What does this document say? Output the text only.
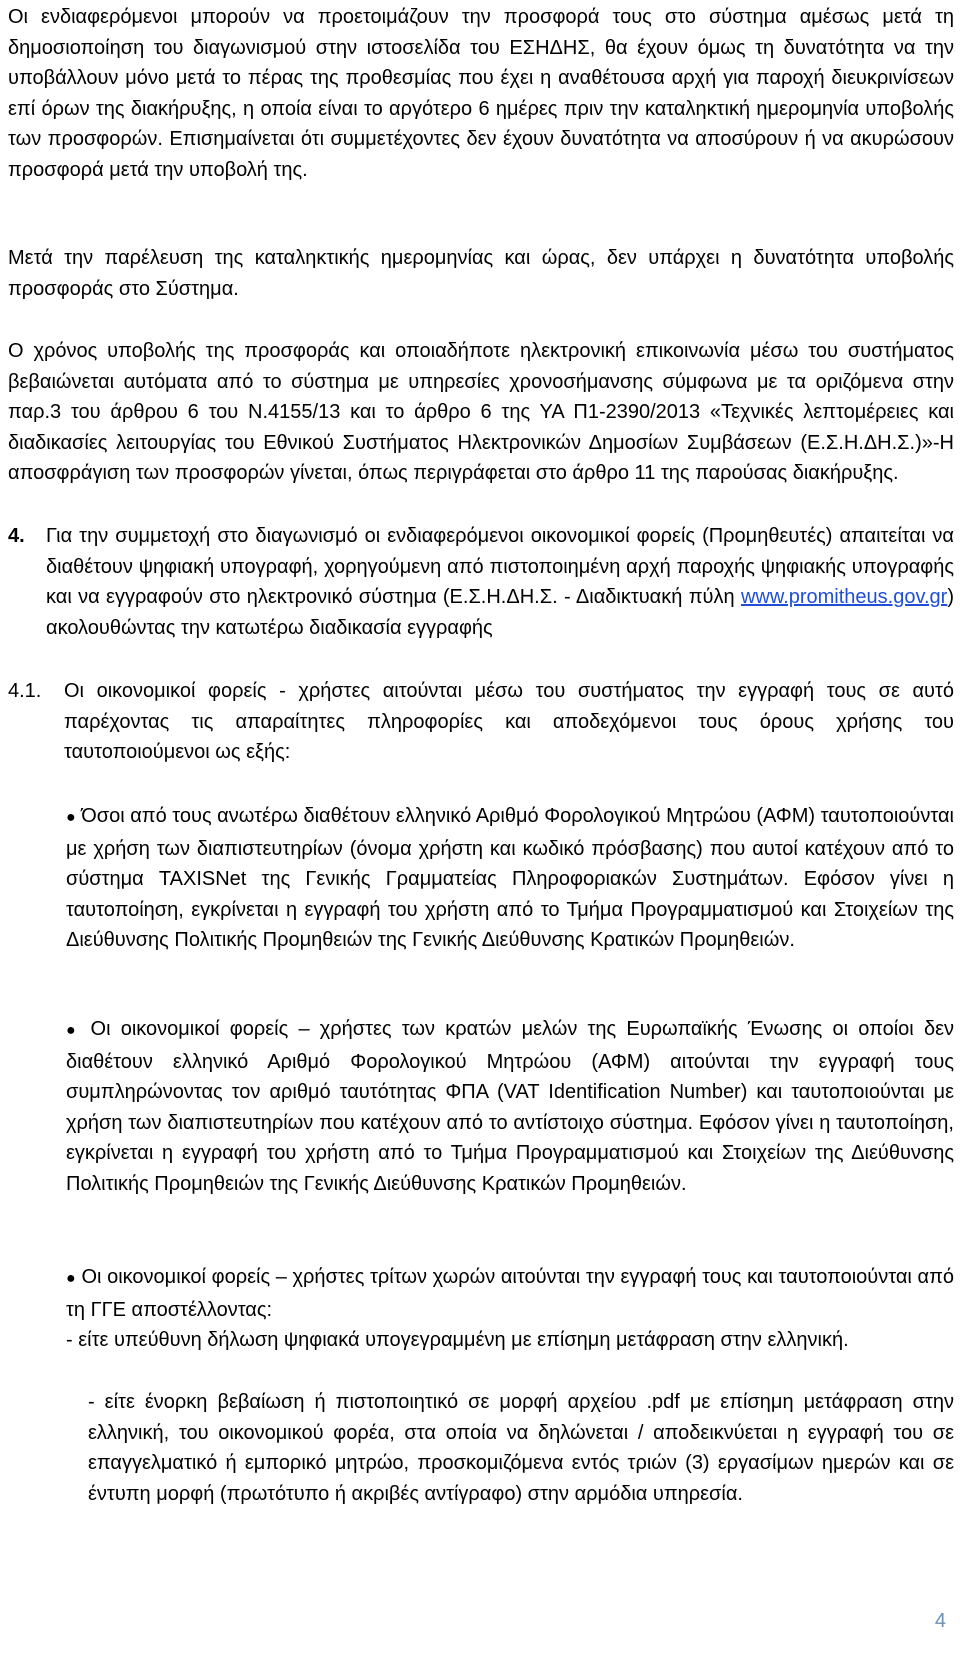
Οι ενδιαφερόμενοι μπορούν να προετοιμάζουν την προσφορά τους στο σύστημα αμέσως μετά τη δημοσιοποίηση του διαγωνισμού στην ιστοσελίδα του ΕΣΗΔΗΣ, θα έχουν όμως τη δυνατότητα να την υποβάλλουν μόνο μετά το πέρας της προθεσμίας που έχει η αναθέτουσα αρχή για παροχή διευκρινίσεων επί όρων της διακήρυξης, η οποία είναι το αργότερο 6 ημέρες πριν την καταληκτική ημερομηνία υποβολής των προσφορών. Επισημαίνεται ότι συμμετέχοντες δεν έχουν δυνατότητα να αποσύρουν ή να ακυρώσουν προσφορά μετά την υποβολή της.

Μετά την παρέλευση της καταληκτικής ημερομηνίας και ώρας, δεν υπάρχει η δυνατότητα υποβολής προσφοράς στο Σύστημα.

Ο χρόνος υποβολής της προσφοράς και οποιαδήποτε ηλεκτρονική επικοινωνία μέσω του συστήματος βεβαιώνεται αυτόματα από το σύστημα με υπηρεσίες χρονοσήμανσης σύμφωνα με τα οριζόμενα στην παρ.3 του άρθρου 6 του Ν.4155/13 και το άρθρο 6 της ΥΑ Π1-2390/2013 «Τεχνικές λεπτομέρειες και διαδικασίες λειτουργίας του Εθνικού Συστήματος Ηλεκτρονικών Δημοσίων Συμβάσεων (Ε.Σ.Η.ΔΗ.Σ.)»-Η αποσφράγιση των προσφορών γίνεται, όπως περιγράφεται στο άρθρο 11 της παρούσας διακήρυξης.

4. Για την συμμετοχή στο διαγωνισμό οι ενδιαφερόμενοι οικονομικοί φορείς (Προμηθευτές) απαιτείται να διαθέτουν ψηφιακή υπογραφή, χορηγούμενη από πιστοποιημένη αρχή παροχής ψηφιακής υπογραφής και να εγγραφούν στο ηλεκτρονικό σύστημα (Ε.Σ.Η.ΔΗ.Σ. - Διαδικτυακή πύλη www.promitheus.gov.gr) ακολουθώντας την κατωτέρω διαδικασία εγγραφής

4.1. Οι οικονομικοί φορείς - χρήστες αιτούνται μέσω του συστήματος την εγγραφή τους σε αυτό παρέχοντας τις απαραίτητες πληροφορίες και αποδεχόμενοι τους όρους χρήσης του ταυτοποιούμενοι ως εξής:

● Όσοι από τους ανωτέρω διαθέτουν ελληνικό Αριθμό Φορολογικού Μητρώου (ΑΦΜ) ταυτοποιούνται με χρήση των διαπιστευτηρίων (όνομα χρήστη και κωδικό πρόσβασης) που αυτοί κατέχουν από το σύστημα TAXISNet της Γενικής Γραμματείας Πληροφοριακών Συστημάτων. Εφόσον γίνει η ταυτοποίηση, εγκρίνεται η εγγραφή του χρήστη από το Τμήμα Προγραμματισμού και Στοιχείων της Διεύθυνσης Πολιτικής Προμηθειών της Γενικής Διεύθυνσης Κρατικών Προμηθειών.

● Οι οικονομικοί φορείς – χρήστες των κρατών μελών της Ευρωπαϊκής Ένωσης οι οποίοι δεν διαθέτουν ελληνικό Αριθμό Φορολογικού Μητρώου (ΑΦΜ) αιτούνται την εγγραφή τους συμπληρώνοντας τον αριθμό ταυτότητας ΦΠΑ (VAT Identification Number) και ταυτοποιούνται με χρήση των διαπιστευτηρίων που κατέχουν από το αντίστοιχο σύστημα. Εφόσον γίνει η ταυτοποίηση, εγκρίνεται η εγγραφή του χρήστη από το Τμήμα Προγραμματισμού και Στοιχείων της Διεύθυνσης Πολιτικής Προμηθειών της Γενικής Διεύθυνσης Κρατικών Προμηθειών.

● Οι οικονομικοί φορείς – χρήστες τρίτων χωρών αιτούνται την εγγραφή τους και ταυτοποιούνται από τη ΓΓΕ αποστέλλοντας:

- είτε υπεύθυνη δήλωση ψηφιακά υπογεγραμμένη με επίσημη μετάφραση στην ελληνική.

- είτε ένορκη βεβαίωση ή πιστοποιητικό σε μορφή αρχείου .pdf με επίσημη μετάφραση στην ελληνική, του οικονομικού φορέα, στα οποία να δηλώνεται / αποδεικνύεται η εγγραφή του σε επαγγελματικό ή εμπορικό μητρώο, προσκομιζόμενα εντός τριών (3) εργασίμων ημερών και σε έντυπη μορφή (πρωτότυπο ή ακριβές αντίγραφο) στην αρμόδια υπηρεσία.

4
